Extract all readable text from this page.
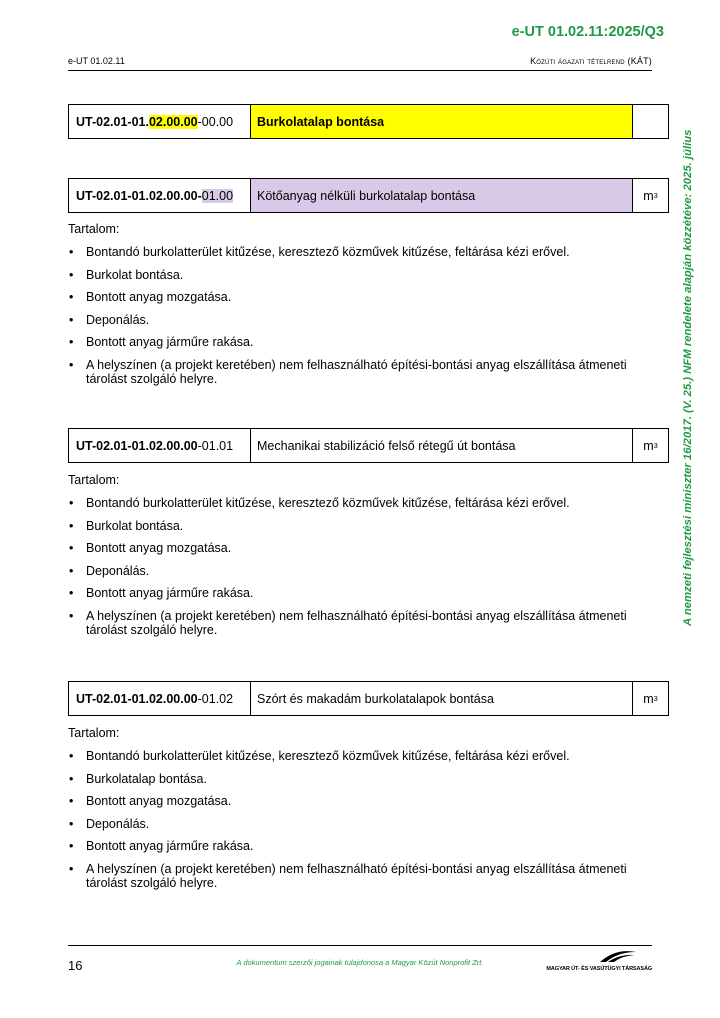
e-UT 01.02.11:2025/Q3
e-UT 01.02.11	Közúti ágazati tételrend (KÁT)
A nemzeti fejlesztési miniszter 16/2017. (V. 25.) NFM rendelete alapján közzétéve: 2025. július
UT-02.01-01. 02.00.00 -00.00	Burkolatalap bontása
UT-02.01-01.02.00.00- 01.00	Kötőanyag nélküli burkolatalap bontása	m 3
Tartalom:
• Bontandó burkolatterület kitűzése, keresztező közművek kitűzése, feltárása kézi erővel.
• Burkolat bontása.
• Bontott anyag mozgatása.
• Deponálás.
• Bontott anyag járműre rakása.
• A helyszínen (a projekt keretében) nem felhasználható építési-bontási anyag elszállítása átmeneti tárolást szolgáló helyre.
UT-02.01-01.02.00.00 -01.01	Mechanikai stabilizáció felső rétegű út bontása	m 3
Tartalom:
• Bontandó burkolatterület kitűzése, keresztező közművek kitűzése, feltárása kézi erővel.
• Burkolat bontása.
• Bontott anyag mozgatása.
• Deponálás.
• Bontott anyag járműre rakása.
• A helyszínen (a projekt keretében) nem felhasználható építési-bontási anyag elszállítása átmeneti tárolást szolgáló helyre.
UT-02.01-01.02.00.00 -01.02	Szórt és makadám burkolatalapok bontása	m 3
Tartalom:
• Bontandó burkolatterület kitűzése, keresztező közművek kitűzése, feltárása kézi erővel.
• Burkolatalap bontása.
• Bontott anyag mozgatása.
• Deponálás.
• Bontott anyag járműre rakása.
• A helyszínen (a projekt keretében) nem felhasználható építési-bontási anyag elszállítása átmeneti tárolást szolgáló helyre.
16	A dokumentum szerzői jogainak tulajdonosa a Magyar Közút Nonprofit Zrt.
MAGYAR ÚT- ÉS VASÚTÜGYI TÁRSASÁG
